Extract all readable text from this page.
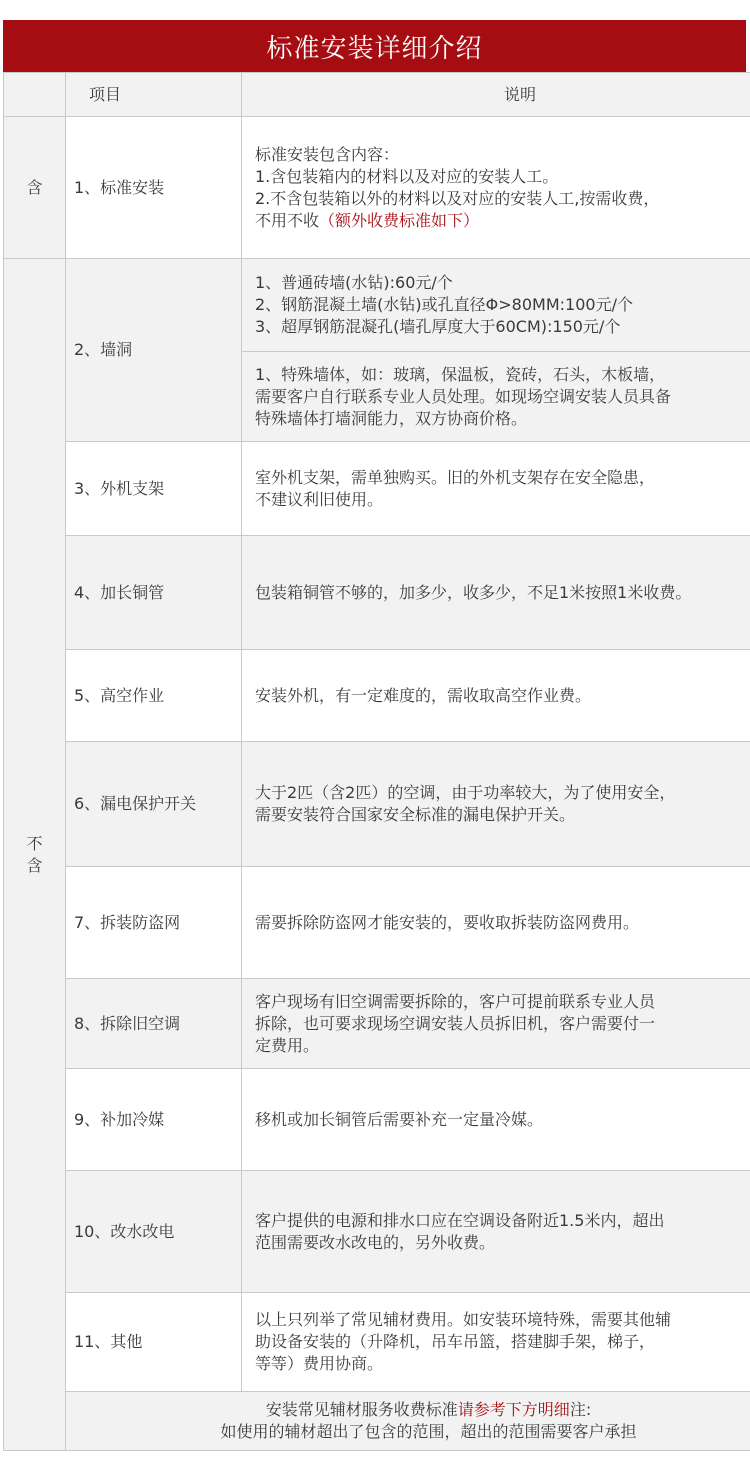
标准安装详细介绍
	项目	说明
含	1、标准安装	标准安装包含内容：
1.含包装箱内的材料以及对应的安装人工。
2.不含包装箱以外的材料以及对应的安装人工,按需收费，
不用不收（额外收费标准如下）

不含	2、墙洞	1、普通砖墙(水钻):60元/个
2、钢筋混凝土墙(水钻)或孔直径Φ>80MM:100元/个
3、超厚钢筋混凝孔(墙孔厚度大于60CM):150元/个

		1、特殊墙体，如：玻璃，保温板，瓷砖，石头，木板墙，
需要客户自行联系专业人员处理。如现场空调安装人员具备
特殊墙体打墙洞能力，双方协商价格。

	3、外机支架	室外机支架，需单独购买。旧的外机支架存在安全隐患，
不建议利旧使用。

	4、加长铜管	包装箱铜管不够的，加多少，收多少，不足1米按照1米收费。

	5、高空作业	安装外机，有一定难度的，需收取高空作业费。

	6、漏电保护开关	大于2匹（含2匹）的空调，由于功率较大，为了使用安全，
需要安装符合国家安全标准的漏电保护开关。

	7、拆装防盗网	需要拆除防盗网才能安装的，要收取拆装防盗网费用。

	8、拆除旧空调	客户现场有旧空调需要拆除的，客户可提前联系专业人员
拆除，也可要求现场空调安装人员拆旧机，客户需要付一
定费用。

	9、补加冷媒	移机或加长铜管后需要补充一定量冷媒。

	10、改水改电	客户提供的电源和排水口应在空调设备附近1.5米内，超出
范围需要改水改电的，另外收费。

	11、其他	以上只列举了常见辅材费用。如安装环境特殊，需要其他辅
助设备安装的（升降机，吊车吊篮，搭建脚手架，梯子，
等等）费用协商。

	安装常见辅材服务收费标准请参考下方明细注:
如使用的辅材超出了包含的范围，超出的范围需要客户承担	
